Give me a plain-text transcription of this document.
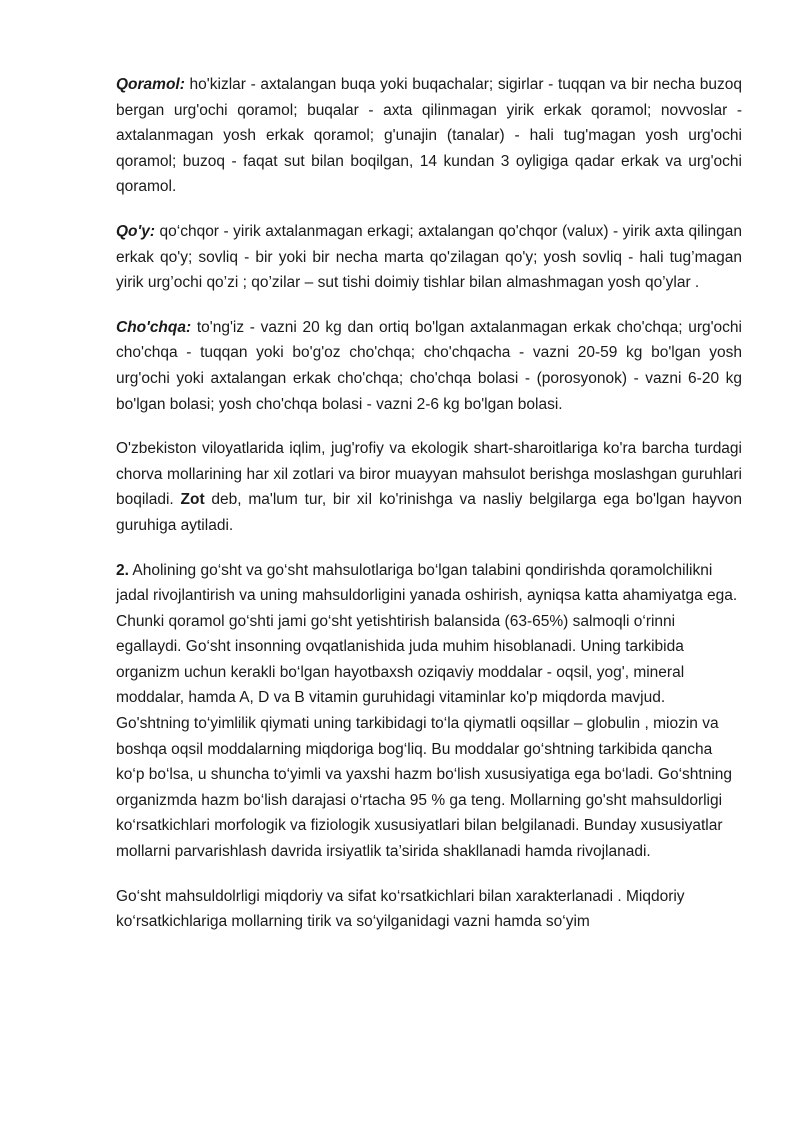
Qoramol: ho'kizlar - axtalangan buqa yoki buqachalar; sigirlar - tuqqan va bir necha buzoq bergan urg'ochi qoramol; buqalar - axta qilinmagan yirik erkak qoramol; novvoslar - axtalanmagan yosh erkak qoramol; g'unajin (tanalar) - hali tug'magan yosh urg'ochi qoramol; buzoq - faqat sut bilan boqilgan, 14 kundan 3 oyligiga qadar erkak va urg'ochi qoramol.

Qo'y: qo‘chqor - yirik axtalanmagan erkagi; axtalangan qo'chqor (valux) - yirik axta qilingan erkak qo'y; sovliq - bir yoki bir necha marta qo'zilagan qo'y; yosh sovliq - hali tug’magan yirik urg’ochi qo’zi ; qo’zilar – sut tishi doimiy tishlar bilan almashmagan yosh qo’ylar .

Cho'chqa: to'ng'iz - vazni 20 kg dan ortiq bo'lgan axtalanmagan erkak cho'chqa; urg'ochi cho'chqa - tuqqan yoki bo'g'oz cho'chqa; cho'chqacha - vazni 20-59 kg bo'lgan yosh urg'ochi yoki axtalangan erkak cho'chqa; cho'chqa bolasi - (porosyonok) - vazni 6-20 kg bo'lgan bolasi; yosh cho'chqa bolasi - vazni 2-6 kg bo'lgan bolasi.

O'zbekiston viloyatlarida iqlim, jug'rofiy va ekologik shart-sharoitlariga ko'ra barcha turdagi chorva mollarining har xil zotlari va biror muayyan mahsulot berishga moslashgan guruhlari boqiladi. Zot deb, ma'lum tur, bir xiI ko'rinishga va nasliy belgilarga ega bo'lgan hayvon guruhiga aytiladi.

2. Aholining go‘sht va go‘sht mahsulotlariga bo‘lgan talabini qondirishda qoramolchilikni jadal rivojlantirish va uning mahsuldorligini yanada oshirish, ayniqsa katta ahamiyatga ega. Chunki qoramol go‘shti jami go‘sht yetishtirish balansida (63-65%) salmoqli o‘rinni egallaydi. Go‘sht insonning ovqatlanishida juda muhim hisoblanadi. Uning tarkibida organizm uchun kerakli bo‘lgan hayotbaxsh oziqaviy moddalar - oqsil, yog', mineral moddalar, hamda A, D va B vitamin guruhidagi vitaminlar ko'p miqdorda mavjud. Go'shtning to‘yimlilik qiymati uning tarkibidagi to‘la qiymatli oqsillar – globulin , miozin va boshqa oqsil moddalarning miqdoriga bog‘liq. Bu moddalar go‘shtning tarkibida qancha ko‘p bo‘lsa, u shuncha to‘yimli va yaxshi hazm bo‘lish xususiyatiga ega bo‘ladi. Go‘shtning organizmda hazm bo‘lish darajasi o‘rtacha 95 % ga teng. Mollarning go'sht mahsuldorligi ko‘rsatkichlari morfologik va fiziologik xususiyatlari bilan belgilanadi. Bunday xususiyatlar mollarni parvarishlash davrida irsiyatlik ta’sirida shakllanadi hamda rivojlanadi.

Go‘sht mahsuldolrligi miqdoriy va sifat ko‘rsatkichlari bilan xarakterlanadi . Miqdoriy ko‘rsatkichlariga mollarning tirik va so‘yilganidagi vazni hamda so‘yim
